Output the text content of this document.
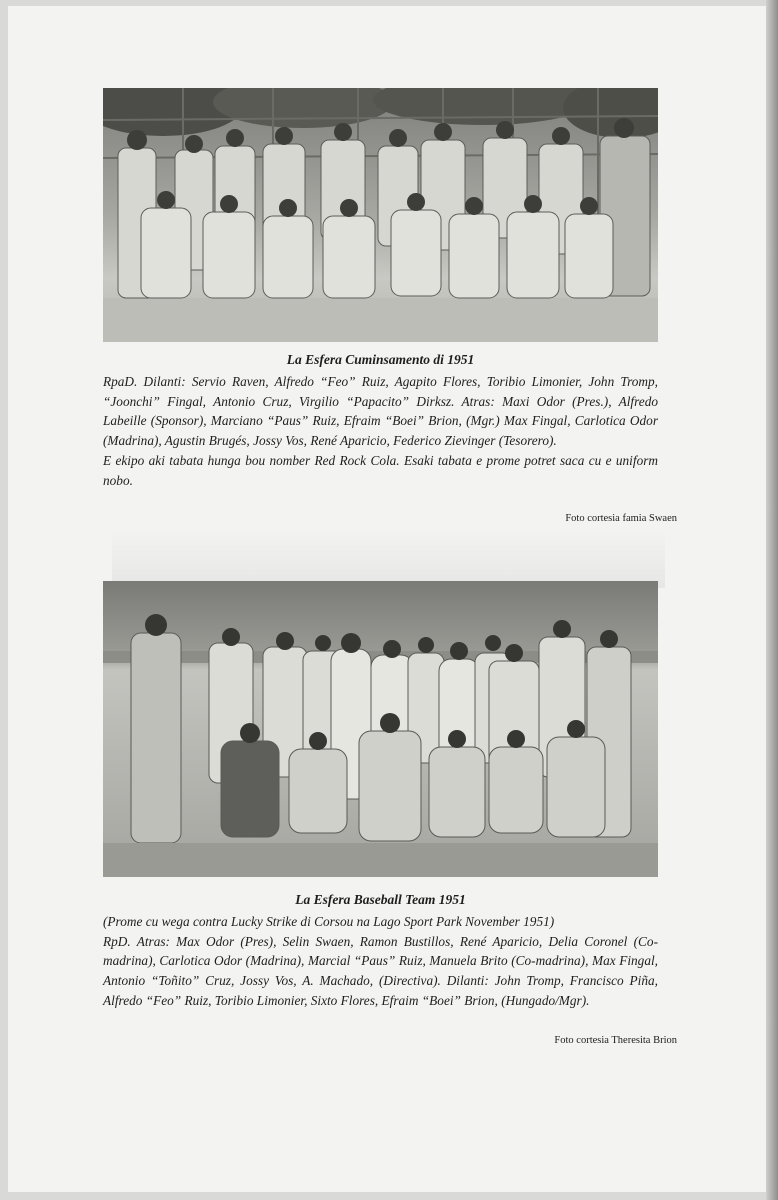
La Esfera Cuminsamento di 1951

RpaD. Dilanti: Servio Raven, Alfredo “Feo” Ruiz, Agapito Flores, Toribio Limonier, John Tromp, “Joonchi” Fingal, Antonio Cruz, Virgilio “Papacito” Dirksz. Atras: Maxi Odor (Pres.), Alfredo Labeille (Sponsor), Marciano “Paus” Ruiz, Efraim “Boei” Brion, (Mgr.) Max Fingal, Carlotica Odor (Madrina), Agustin Brugés, Jossy Vos, René Aparicio, Federico Zievinger (Tesorero).

E ekipo aki tabata hunga bou nomber Red Rock Cola. Esaki tabata e prome potret saca cu e uniform nobo.

Foto cortesia famia Swaen
La Esfera Baseball Team 1951

(Prome cu wega contra Lucky Strike di Corsou na Lago Sport Park November 1951)

RpD. Atras: Max Odor (Pres), Selin Swaen, Ramon Bustillos, René Aparicio, Delia Coronel (Co-madrina), Carlotica Odor (Madrina), Marcial “Paus” Ruiz, Manuela Brito (Co-madrina), Max Fingal, Antonio “Toñito” Cruz, Jossy Vos, A. Machado, (Directiva). Dilanti: John Tromp, Francisco Piña, Alfredo “Feo” Ruiz, Toribio Limonier, Sixto Flores, Efraim “Boei” Brion, (Hungado/Mgr).

Foto cortesia Theresita Brion
